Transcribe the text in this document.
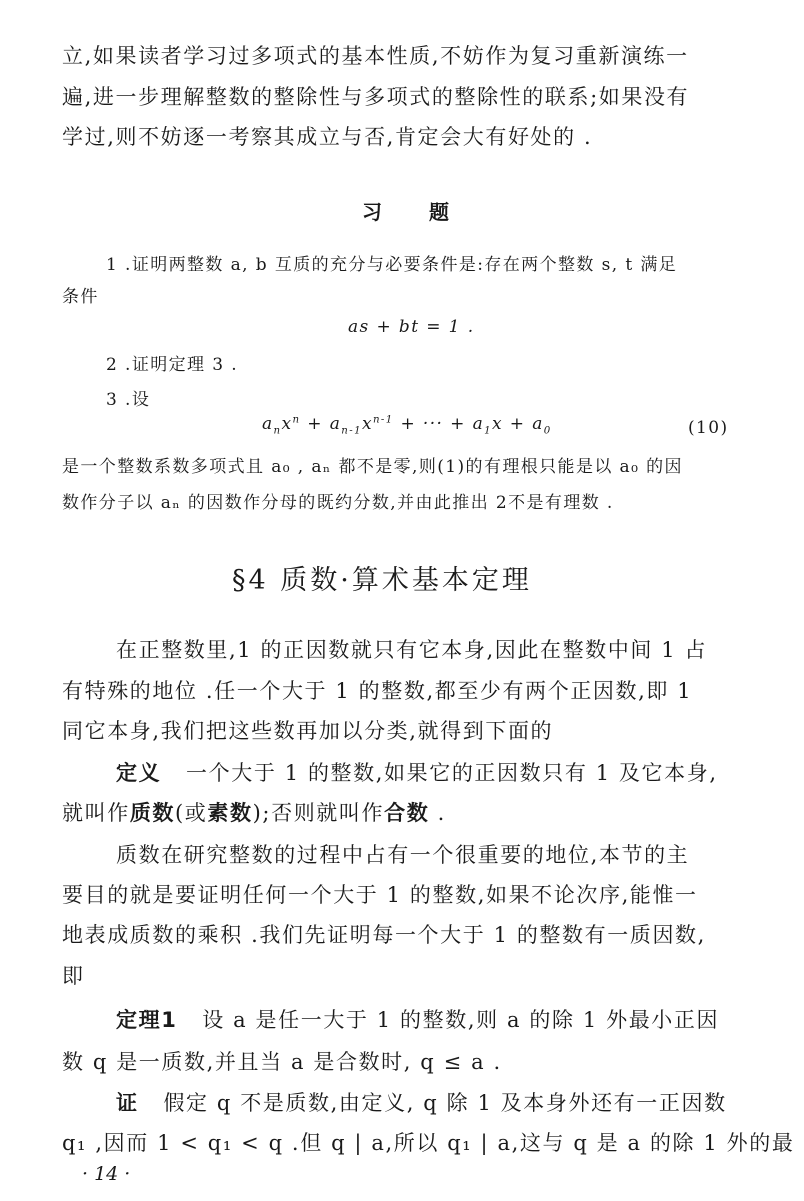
立,如果读者学习过多项式的基本性质,不妨作为复习重新演练一
遍,进一步理解整数的整除性与多项式的整除性的联系;如果没有
学过,则不妨逐一考察其成立与否,肯定会大有好处的 .
习 题
1 .证明两整数 a, b 互质的充分与必要条件是:存在两个整数 s, t 满足
条件
as + bt = 1 .
2 .证明定理 3 .
3 .设
$a_nx^n + a_{n-1}x^{n-1}$ + ··· + $a_1x + a_0$	(10)
是一个整数系数多项式且 a₀ , aₙ 都不是零,则(1)的有理根只能是以 a₀ 的因
数作分子以 aₙ 的因数作分母的既约分数,并由此推出 2不是有理数 .
§4 质数·算术基本定理
在正整数里,1 的正因数就只有它本身,因此在整数中间 1 占
有特殊的地位 .任一个大于 1 的整数,都至少有两个正因数,即 1
同它本身,我们把这些数再加以分类,就得到下面的
定义 一个大于 1 的整数,如果它的正因数只有 1 及它本身,
就叫作质数(或素数);否则就叫作合数 .
质数在研究整数的过程中占有一个很重要的地位,本节的主
要目的就是要证明任何一个大于 1 的整数,如果不论次序,能惟一
地表成质数的乘积 .我们先证明每一个大于 1 的整数有一质因数,
即
定理1 设 a 是任一大于 1 的整数,则 a 的除 1 外最小正因
数 q 是一质数,并且当 a 是合数时, q ≤ a .
证 假定 q 不是质数,由定义, q 除 1 及本身外还有一正因数
q₁ ,因而 1 < q₁ < q .但 q | a,所以 q₁ | a,这与 q 是 a 的除 1 外的最
· 14 ·
